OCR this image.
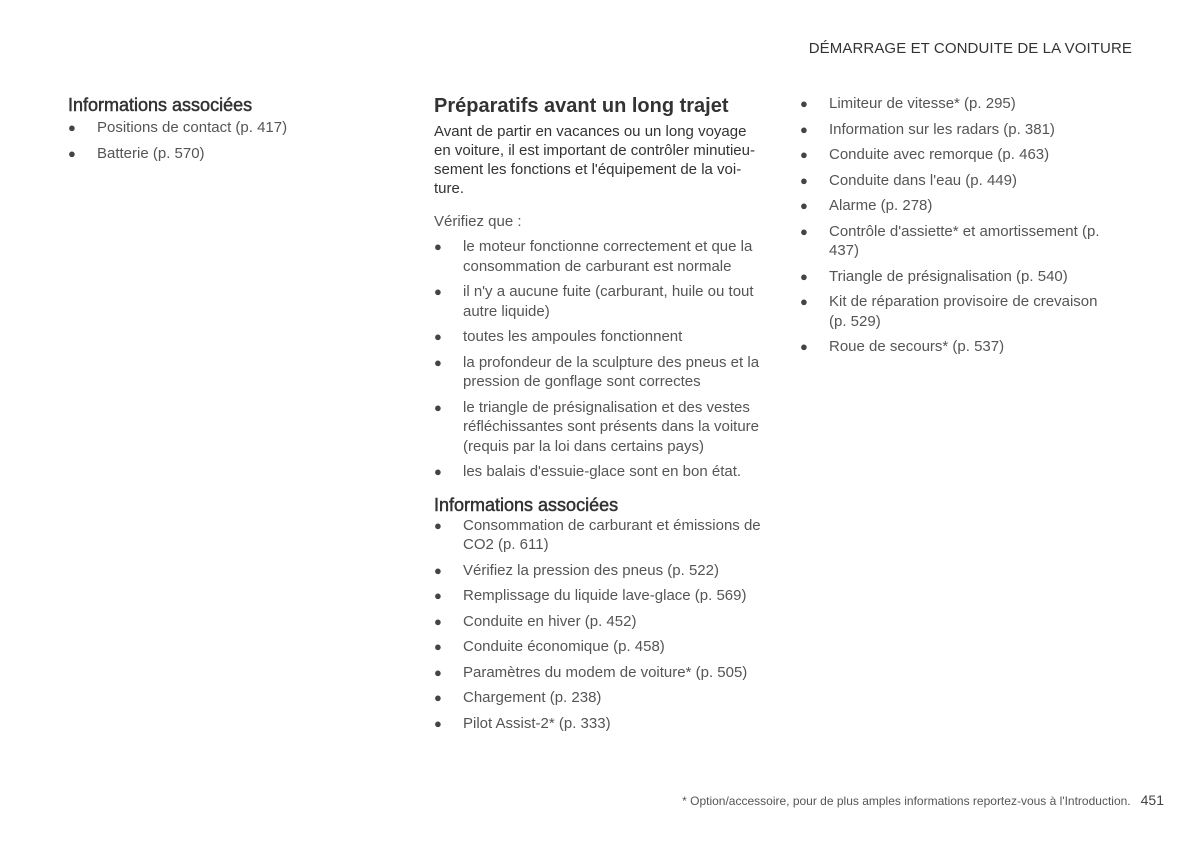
DÉMARRAGE ET CONDUITE DE LA VOITURE
Informations associées
● Positions de contact (p. 417)
● Batterie (p. 570)
Préparatifs avant un long trajet

Avant de partir en vacances ou un long voyage
en voiture, il est important de contrôler minutieu-
sement les fonctions et l'équipement de la voi-
ture.

Vérifiez que :

● le moteur fonctionne correctement et que la consommation de carburant est normale
● il n'y a aucune fuite (carburant, huile ou tout autre liquide)
● toutes les ampoules fonctionnent
● la profondeur de la sculpture des pneus et la pression de gonflage sont correctes
● le triangle de présignalisation et des vestes réfléchissantes sont présents dans la voiture (requis par la loi dans certains pays)
● les balais d'essuie-glace sont en bon état.
Informations associées
● Consommation de carburant et émissions de CO2 (p. 611)
● Vérifiez la pression des pneus (p. 522)
● Remplissage du liquide lave-glace (p. 569)
● Conduite en hiver (p. 452)
● Conduite économique (p. 458)
● Paramètres du modem de voiture* (p. 505)
● Chargement (p. 238)
● Pilot Assist-2* (p. 333)
● Limiteur de vitesse* (p. 295)
● Information sur les radars (p. 381)
● Conduite avec remorque (p. 463)
● Conduite dans l'eau (p. 449)
● Alarme (p. 278)
● Contrôle d'assiette* et amortissement (p. 437)
● Triangle de présignalisation (p. 540)
● Kit de réparation provisoire de crevaison (p. 529)
● Roue de secours* (p. 537)
* Option/accessoire, pour de plus amples informations reportez-vous à l'Introduction. 451
